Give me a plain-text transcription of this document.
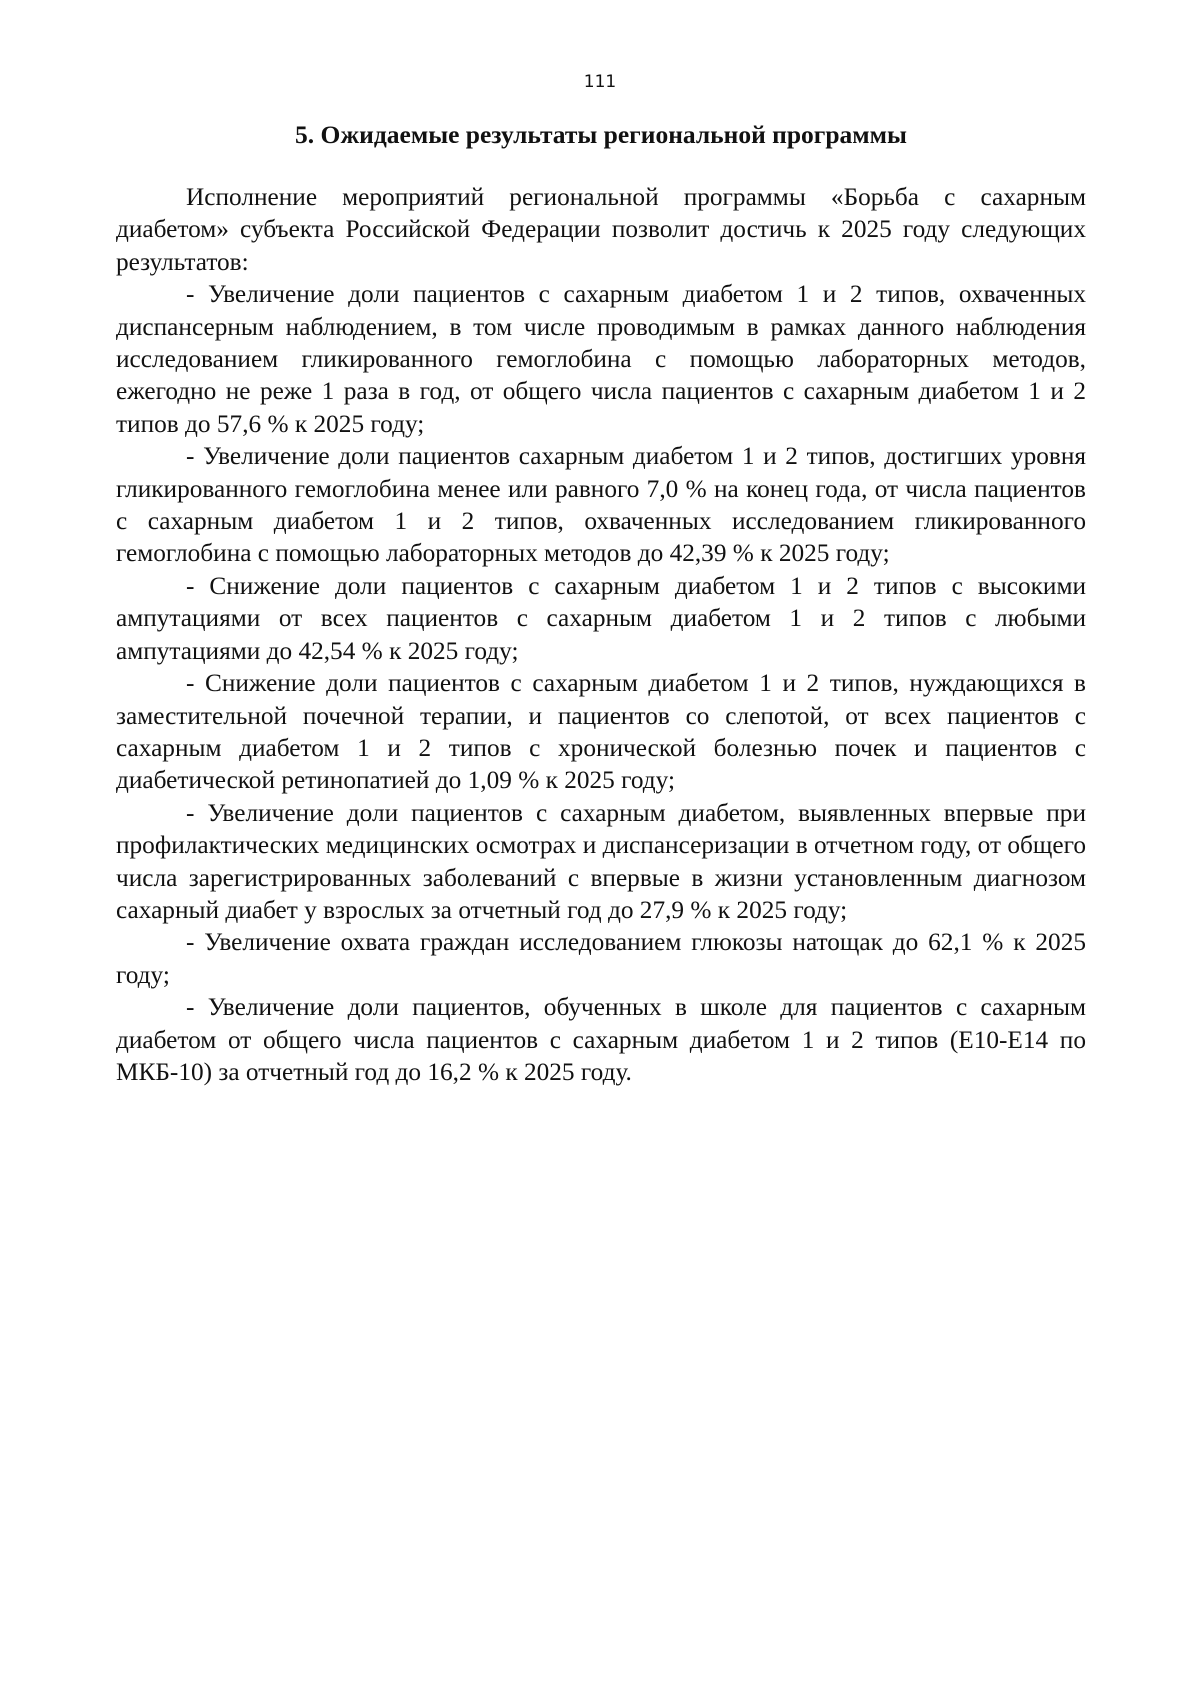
111
5. Ожидаемые результаты региональной программы

Исполнение мероприятий региональной программы «Борьба с сахарным диабетом» субъекта Российской Федерации позволит достичь к 2025 году следующих результатов:

- Увеличение доли пациентов с сахарным диабетом 1 и 2 типов, охваченных диспансерным наблюдением, в том числе проводимым в рамках данного наблюдения исследованием гликированного гемоглобина с помощью лабораторных методов, ежегодно не реже 1 раза в год, от общего числа пациентов с сахарным диабетом 1 и 2 типов до 57,6 % к 2025 году;

- Увеличение доли пациентов сахарным диабетом 1 и 2 типов, достигших уровня гликированного гемоглобина менее или равного 7,0 % на конец года, от числа пациентов с сахарным диабетом 1 и 2 типов, охваченных исследованием гликированного гемоглобина с помощью лабораторных методов до 42,39 % к 2025 году;

- Снижение доли пациентов с сахарным диабетом 1 и 2 типов с высокими ампутациями от всех пациентов с сахарным диабетом 1 и 2 типов с любыми ампутациями до 42,54 % к 2025 году;

- Снижение доли пациентов с сахарным диабетом 1 и 2 типов, нуждающихся в заместительной почечной терапии, и пациентов со слепотой, от всех пациентов с сахарным диабетом 1 и 2 типов с хронической болезнью почек и пациентов с диабетической ретинопатией до 1,09 % к 2025 году;

- Увеличение доли пациентов с сахарным диабетом, выявленных впервые при профилактических медицинских осмотрах и диспансеризации в отчетном году, от общего числа зарегистрированных заболеваний с впервые в жизни установленным диагнозом сахарный диабет у взрослых за отчетный год до 27,9 % к 2025 году;

- Увеличение охвата граждан исследованием глюкозы натощак до 62,1 % к 2025 году;

- Увеличение доли пациентов, обученных в школе для пациентов с сахарным диабетом от общего числа пациентов с сахарным диабетом 1 и 2 типов (Е10-Е14 по МКБ-10) за отчетный год до 16,2 % к 2025 году.
